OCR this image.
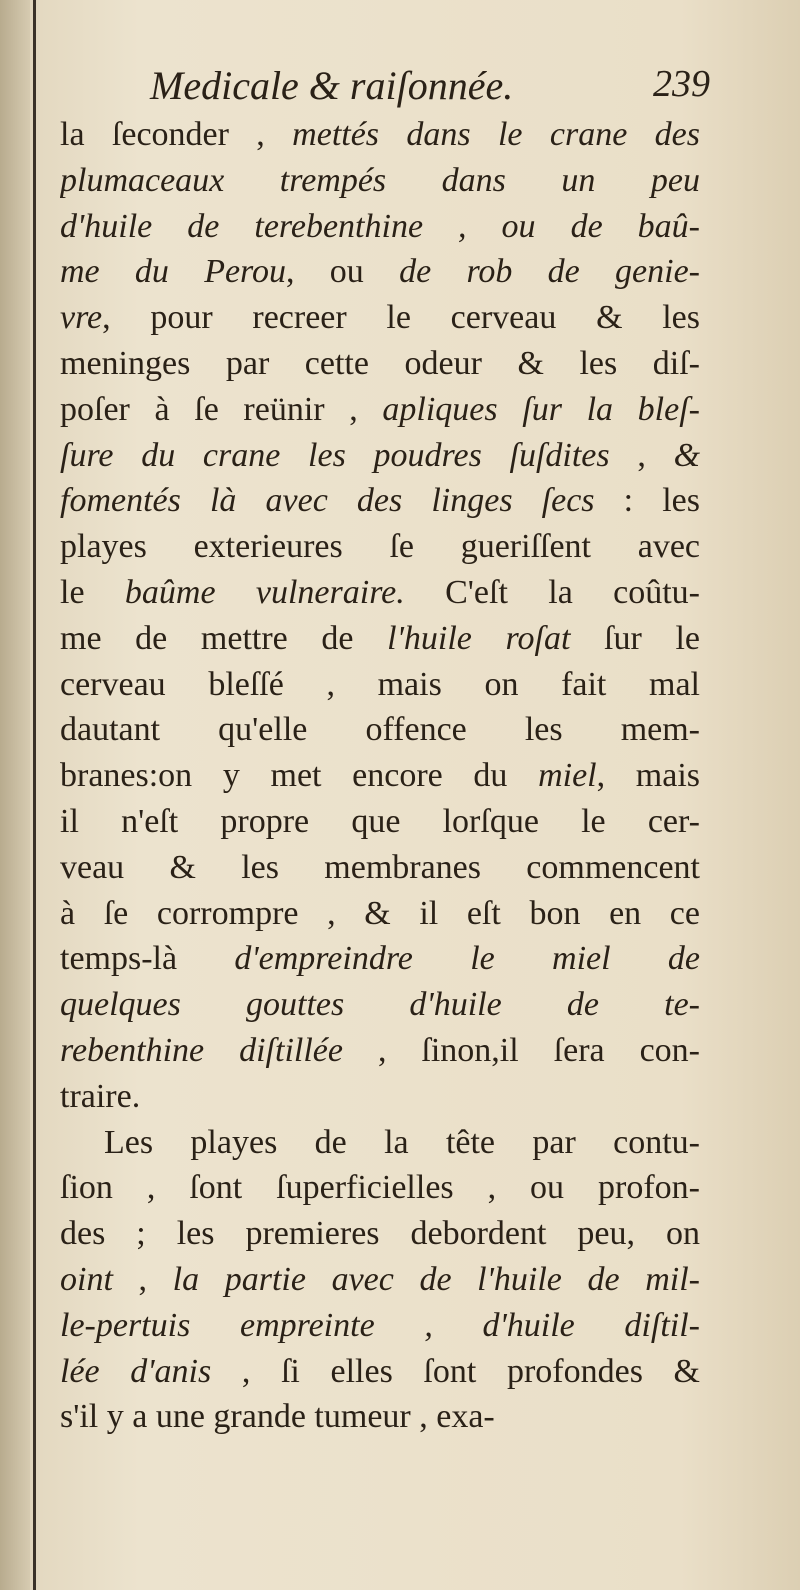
Medicale & raiſonnée.	239
la ſeconder , mettés dans le crane des
plumaceaux trempés dans un peu
d'huile de terebenthine , ou de baû-
me du Perou, ou de rob de genie-
vre, pour recreer le cerveau & les
meninges par cette odeur & les diſ-
poſer à ſe reünir , apliques ſur la bleſ-
ſure du crane les poudres ſuſdites , &
fomentés là avec des linges ſecs : les
playes exterieures ſe gueriſſent avec
le baûme vulneraire. C'eſt la coûtu-
me de mettre de l'huile roſat ſur le
cerveau bleſſé , mais on fait mal
dautant qu'elle offence les mem-
branes:on y met encore du miel, mais
il n'eſt propre que lorſque le cer-
veau & les membranes commencent
à ſe corrompre , & il eſt bon en ce
temps-là d'empreindre le miel de
quelques gouttes d'huile de te-
rebenthine diſtillée , ſinon,il ſera con-
traire.
Les playes de la tête par contu-
ſion , ſont ſuperficielles , ou profon-
des ; les premieres debordent peu, on
oint , la partie avec de l'huile de mil-
le-pertuis empreinte , d'huile diſtil-
lée d'anis , ſi elles ſont profondes &
s'il y a une grande tumeur , exa-
